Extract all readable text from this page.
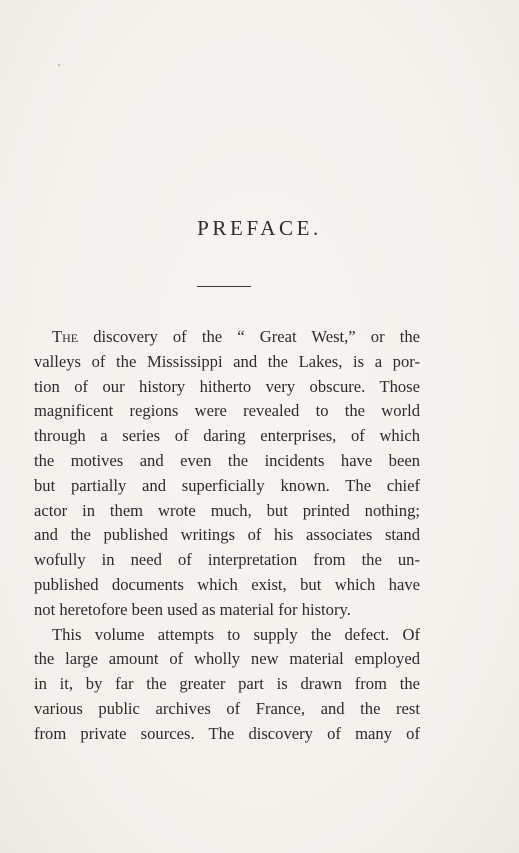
PREFACE.
The discovery of the “ Great West,” or the
valleys of the Mississippi and the Lakes, is a por-
tion of our history hitherto very obscure. Those
magnificent regions were revealed to the world
through a series of daring enterprises, of which
the motives and even the incidents have been
but partially and superficially known. The chief
actor in them wrote much, but printed nothing;
and the published writings of his associates stand
wofully in need of interpretation from the un-
published documents which exist, but which have
not heretofore been used as material for history.
This volume attempts to supply the defect. Of
the large amount of wholly new material employed
in it, by far the greater part is drawn from the
various public archives of France, and the rest
from private sources. The discovery of many of
